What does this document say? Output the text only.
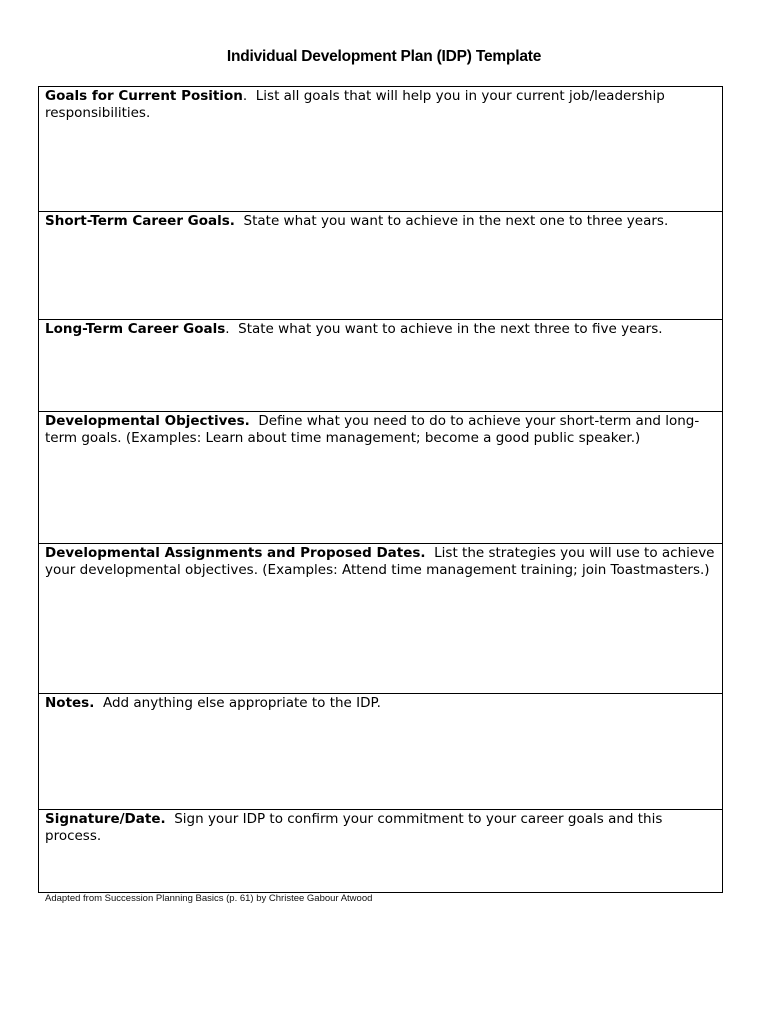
Individual Development Plan (IDP) Template
Goals for Current Position.  List all goals that will help you in your current job/leadership responsibilities.
Short-Term Career Goals. State what you want to achieve in the next one to three years.
Long-Term Career Goals.  State what you want to achieve in the next three to five years.
Developmental Objectives. Define what you need to do to achieve your short-term and long-term goals. (Examples: Learn about time management; become a good public speaker.)
Developmental Assignments and Proposed Dates. List the strategies you will use to achieve your developmental objectives. (Examples: Attend time management training; join Toastmasters.)
Notes. Add anything else appropriate to the IDP.
Signature/Date. Sign your IDP to confirm your commitment to your career goals and this process.
Adapted from Succession Planning Basics (p. 61) by Christee Gabour Atwood
